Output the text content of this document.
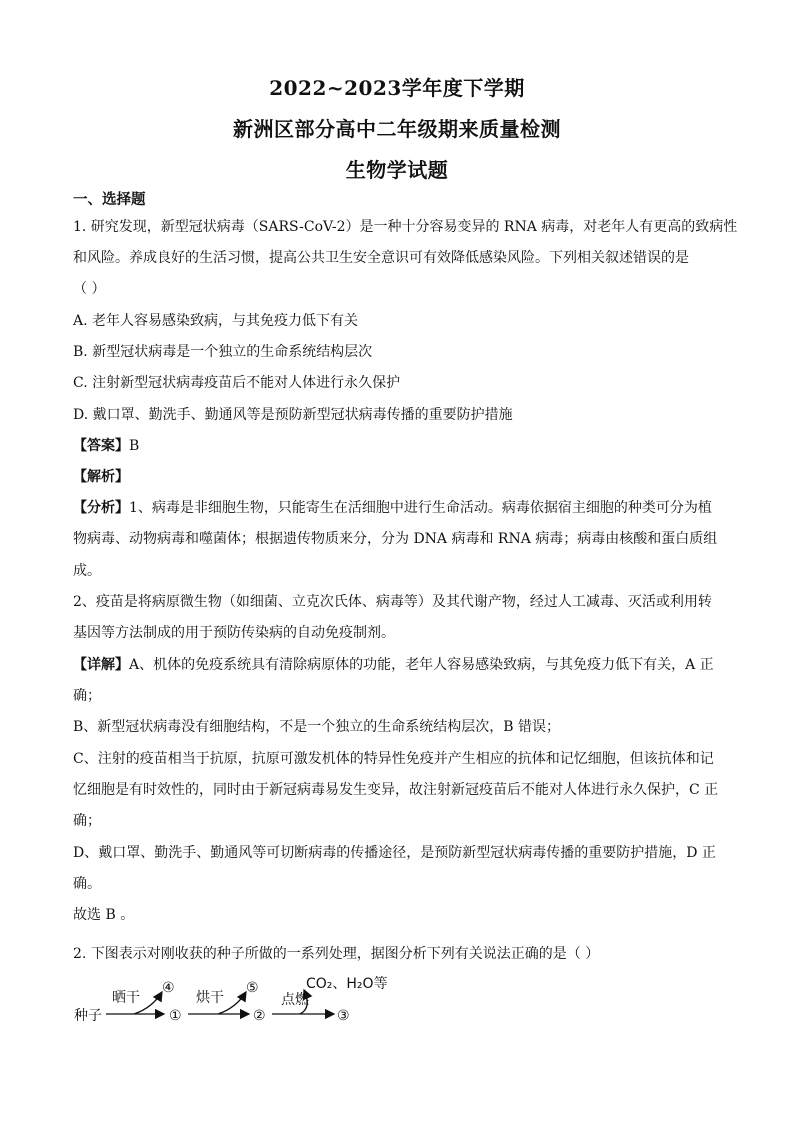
2022~2023学年度下学期
新洲区部分高中二年级期来质量检测
生物学试题
一、选择题
1. 研究发现，新型冠状病毒（SARS-CoV-2）是一种十分容易变异的 RNA 病毒，对老年人有更高的致病性
和风险。养成良好的生活习惯，提高公共卫生安全意识可有效降低感染风险。下列相关叙述错误的是
（ ）
A. 老年人容易感染致病，与其免疫力低下有关
B. 新型冠状病毒是一个独立的生命系统结构层次
C. 注射新型冠状病毒疫苗后不能对人体进行永久保护
D. 戴口罩、勤洗手、勤通风等是预防新型冠状病毒传播的重要防护措施
【答案】B
【解析】
【分析】1、病毒是非细胞生物，只能寄生在活细胞中进行生命活动。病毒依据宿主细胞的种类可分为植
物病毒、动物病毒和噬菌体；根据遗传物质来分，分为 DNA 病毒和 RNA 病毒；病毒由核酸和蛋白质组
成。
2、疫苗是将病原微生物（如细菌、立克次氏体、病毒等）及其代谢产物，经过人工减毒、灭活或利用转
基因等方法制成的用于预防传染病的自动免疫制剂。
【详解】A、机体的免疫系统具有清除病原体的功能，老年人容易感染致病，与其免疫力低下有关，A 正
确；
B、新型冠状病毒没有细胞结构，不是一个独立的生命系统结构层次，B 错误；
C、注射的疫苗相当于抗原，抗原可激发机体的特异性免疫并产生相应的抗体和记忆细胞，但该抗体和记
忆细胞是有时效性的，同时由于新冠病毒易发生变异，故注射新冠疫苗后不能对人体进行永久保护，C 正
确；
D、戴口罩、勤洗手、勤通风等可切断病毒的传播途径，是预防新型冠状病毒传播的重要防护措施，D 正
确。
故选 B 。
2. 下图表示对刚收获的种子所做的一系列处理，据图分析下列有关说法正确的是（ ）
种子
晒干
④
①
烘干
⑤
②
点燃
CO₂、H₂O等
③
